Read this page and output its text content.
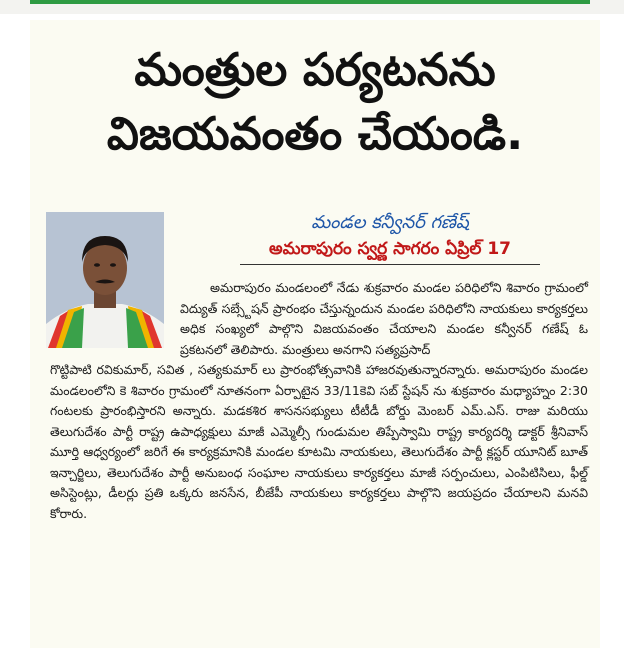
మంత్రుల పర్యటనను
విజయవంతం చేయండి.
మండల కన్వీనర్ గణేష్
అమరాపురం స్వర్ణ సాగరం ఏప్రిల్ 17

అమరాపురం మండలంలో నేడు శుక్రవారం మండల పరిధిలోని శివారం గ్రామంలో విద్యుత్ సబ్స్టేషన్ ప్రారంభం చేస్తున్నందున మండల పరిధిలోని నాయకులు కార్యకర్తలు అధిక సంఖ్యలో పాల్గొని విజయవంతం చేయాలని మండల కన్వీనర్ గణేష్ ఓ ప్రకటనలో తెలిపారు. మంత్రులు అనగాని సత్యప్రసాద్

గొట్టిపాటి రవికుమార్, సవిత , సత్యకుమార్ లు ప్రారంభోత్సవానికి హాజరవుతున్నారన్నారు. అమరాపురం మండల మండలంలోని కె శివారం గ్రామంలో నూతనంగా ఏర్పాటైన 33/11కెవి సబ్ స్టేషన్ ను శుక్రవారం మధ్యాహ్నం 2:30 గంటలకు ప్రారంభిస్తారని అన్నారు. మడకశిర శాసనసభ్యులు టీటీడీ బోర్డు మెంబర్ ఎమ్.ఎస్. రాజు మరియు తెలుగుదేశం పార్టీ రాష్ట్ర ఉపాధ్యక్షులు మాజీ ఎమ్మెల్సీ గుండుమల తిప్పేస్వామి రాష్ట్ర కార్యదర్శి డాక్టర్ శ్రీనివాస్ మూర్తి ఆధ్వర్యంలో జరిగే ఈ కార్యక్రమానికి మండల కూటమి నాయకులు, తెలుగుదేశం పార్టీ క్లస్టర్ యూనిట్ బూత్ ఇన్చార్జిలు, తెలుగుదేశం పార్టీ అనుబంధ సంఘాల నాయకులు కార్యకర్తలు మాజీ సర్పంచులు, ఎంపిటిసిలు, ఫీల్డ్ అసిస్టెంట్లు, డీలర్లు ప్రతి ఒక్కరు జనసేన, బీజేపీ నాయకులు కార్యకర్తలు పాల్గొని జయప్రదం చేయాలని మనవి కోరారు.
